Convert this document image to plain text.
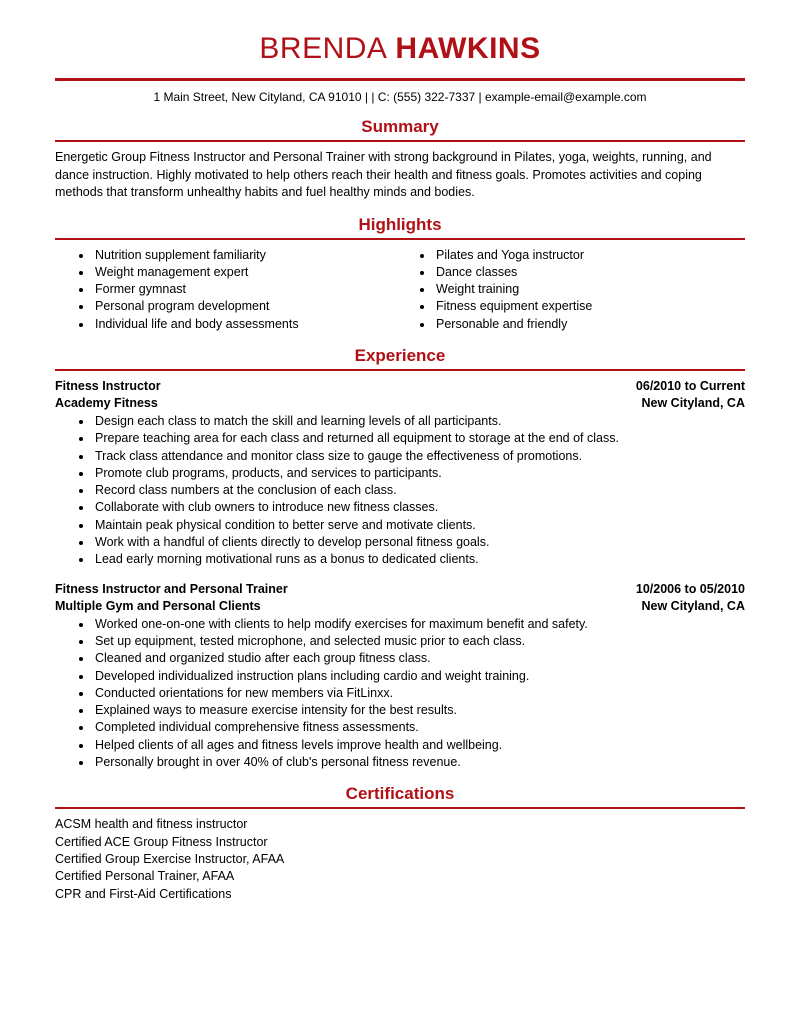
BRENDA HAWKINS
1 Main Street, New Cityland, CA 91010 | | C: (555) 322-7337 | example-email@example.com
Summary
Energetic Group Fitness Instructor and Personal Trainer with strong background in Pilates, yoga, weights, running, and dance instruction. Highly motivated to help others reach their health and fitness goals. Promotes activities and coping methods that transform unhealthy habits and fuel healthy minds and bodies.
Highlights
• Nutrition supplement familiarity
• Weight management expert
• Former gymnast
• Personal program development
• Individual life and body assessments
• Pilates and Yoga instructor
• Dance classes
• Weight training
• Fitness equipment expertise
• Personable and friendly
Experience
Fitness Instructor	06/2010 to Current
Academy Fitness	New Cityland, CA
• Design each class to match the skill and learning levels of all participants.
• Prepare teaching area for each class and returned all equipment to storage at the end of class.
• Track class attendance and monitor class size to gauge the effectiveness of promotions.
• Promote club programs, products, and services to participants.
• Record class numbers at the conclusion of each class.
• Collaborate with club owners to introduce new fitness classes.
• Maintain peak physical condition to better serve and motivate clients.
• Work with a handful of clients directly to develop personal fitness goals.
• Lead early morning motivational runs as a bonus to dedicated clients.
Fitness Instructor and Personal Trainer	10/2006 to 05/2010
Multiple Gym and Personal Clients	New Cityland, CA
• Worked one-on-one with clients to help modify exercises for maximum benefit and safety.
• Set up equipment, tested microphone, and selected music prior to each class.
• Cleaned and organized studio after each group fitness class.
• Developed individualized instruction plans including cardio and weight training.
• Conducted orientations for new members via FitLinxx.
• Explained ways to measure exercise intensity for the best results.
• Completed individual comprehensive fitness assessments.
• Helped clients of all ages and fitness levels improve health and wellbeing.
• Personally brought in over 40% of club's personal fitness revenue.
Certifications
ACSM health and fitness instructor
Certified ACE Group Fitness Instructor
Certified Group Exercise Instructor, AFAA
Certified Personal Trainer, AFAA
CPR and First-Aid Certifications
